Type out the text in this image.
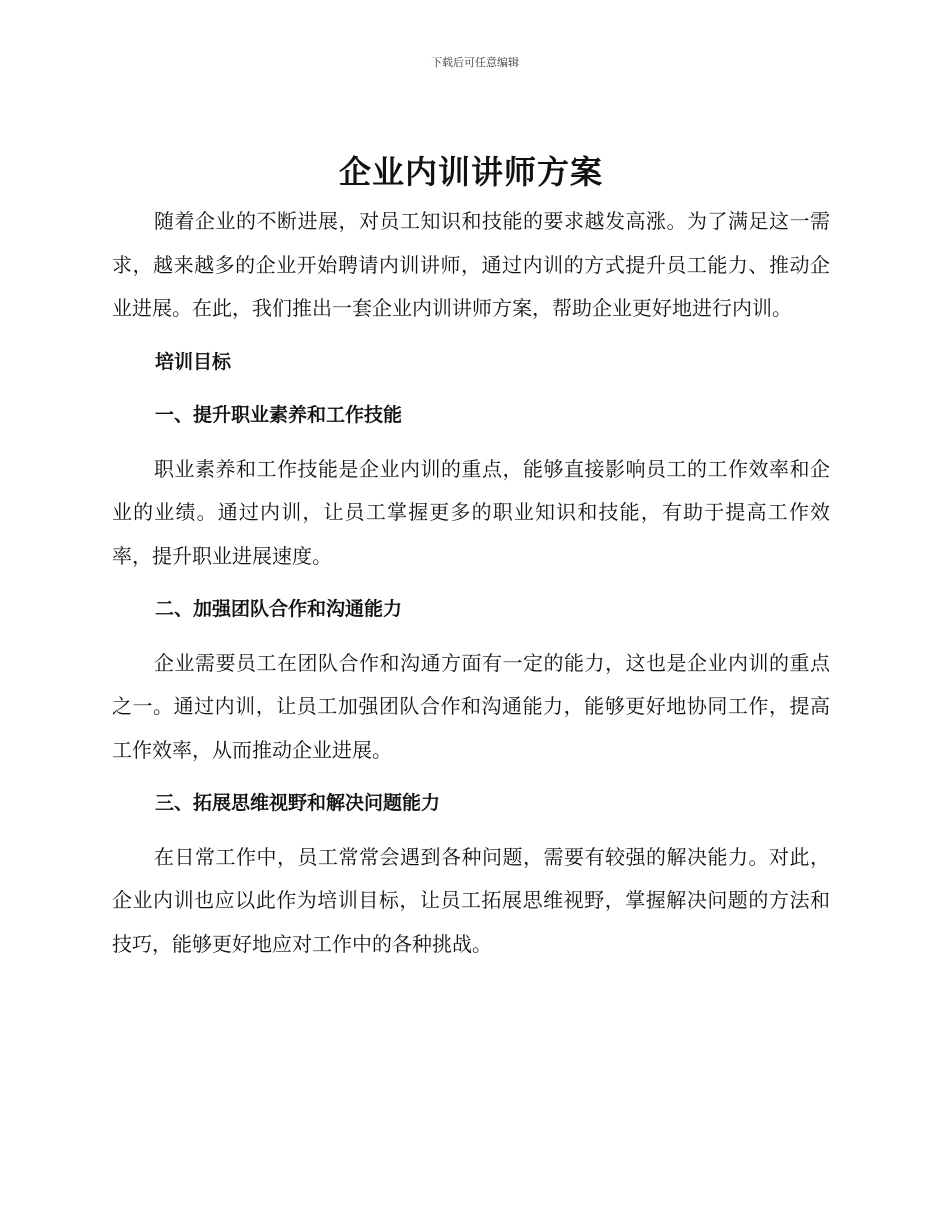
下载后可任意编辑
企业内训讲师方案

随着企业的不断进展，对员工知识和技能的要求越发高涨。为了满足这一需求，越来越多的企业开始聘请内训讲师，通过内训的方式提升员工能力、推动企业进展。在此，我们推出一套企业内训讲师方案，帮助企业更好地进行内训。

培训目标
一、提升职业素养和工作技能

职业素养和工作技能是企业内训的重点，能够直接影响员工的工作效率和企业的业绩。通过内训，让员工掌握更多的职业知识和技能，有助于提高工作效率，提升职业进展速度。

二、加强团队合作和沟通能力

企业需要员工在团队合作和沟通方面有一定的能力，这也是企业内训的重点之一。通过内训，让员工加强团队合作和沟通能力，能够更好地协同工作，提高工作效率，从而推动企业进展。

三、拓展思维视野和解决问题能力

在日常工作中，员工常常会遇到各种问题，需要有较强的解决能力。对此，企业内训也应以此作为培训目标，让员工拓展思维视野，掌握解决问题的方法和技巧，能够更好地应对工作中的各种挑战。
